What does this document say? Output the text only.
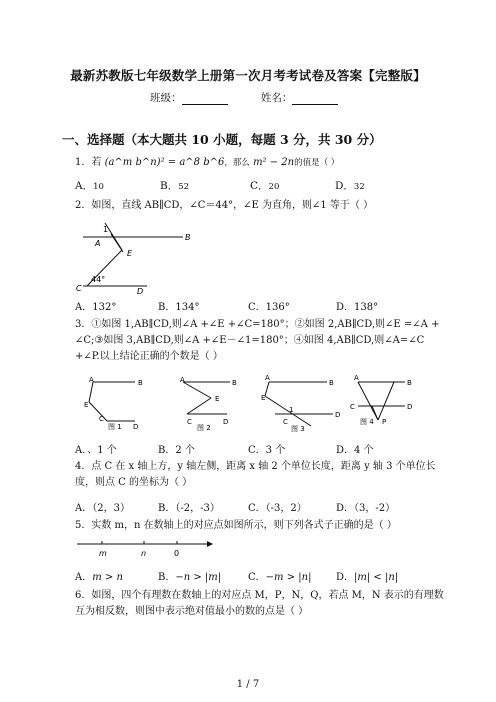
最新苏教版七年级数学上册第一次月考考试卷及答案【完整版】
班级：	姓名：
一、选择题（本大题共 10 小题，每题 3 分，共 30 分）
1．若 (a^m b^n)² = a^8 b^6，那么 m² − 2n的值是（ ）
A．10	B．52	C．20	D．32
2．如图，直线 AB∥CD，∠C＝44°，∠E 为直角，则∠1 等于（ ）
1
A
B
E
C	D
44°
A．132°	B．134°	C．136°	D．138°
3．①如图 1,AB∥CD,则∠A +∠E +∠C=180°；②如图 2,AB∥CD,则∠E =∠A +
∠C;③如图 3,AB∥CD,则∠A +∠E－∠1=180°；④如图 4,AB∥CD,则∠A=∠C
+∠P.以上结论正确的个数是（ ）
A	B
E
C
D
图 1
A	B
E
C	D
图 2
A
B
E
1
C
D
图 3
A
B
C	D
P
图 4
A．、1 个	B．2 个	C．3 个	D．4 个
4．点 C 在 x 轴上方，y 轴左侧，距离 x 轴 2 个单位长度，距离 y 轴 3 个单位长
度，则点 C 的坐标为（ ）
A．（2，3）	B．（-2，-3）	C．（-3，2）	D．（3，-2）
5．实数 m，n 在数轴上的对应点如图所示，则下列各式子正确的是（ ）
m	n	0
A．m > n	B．−n > |m|	C．−m > |n| D．|m| < |n|
6．如图，四个有理数在数轴上的对应点 M，P，N，Q，若点 M，N 表示的有理数
互为相反数，则图中表示绝对值最小的数的点是（ ）
1 / 7
